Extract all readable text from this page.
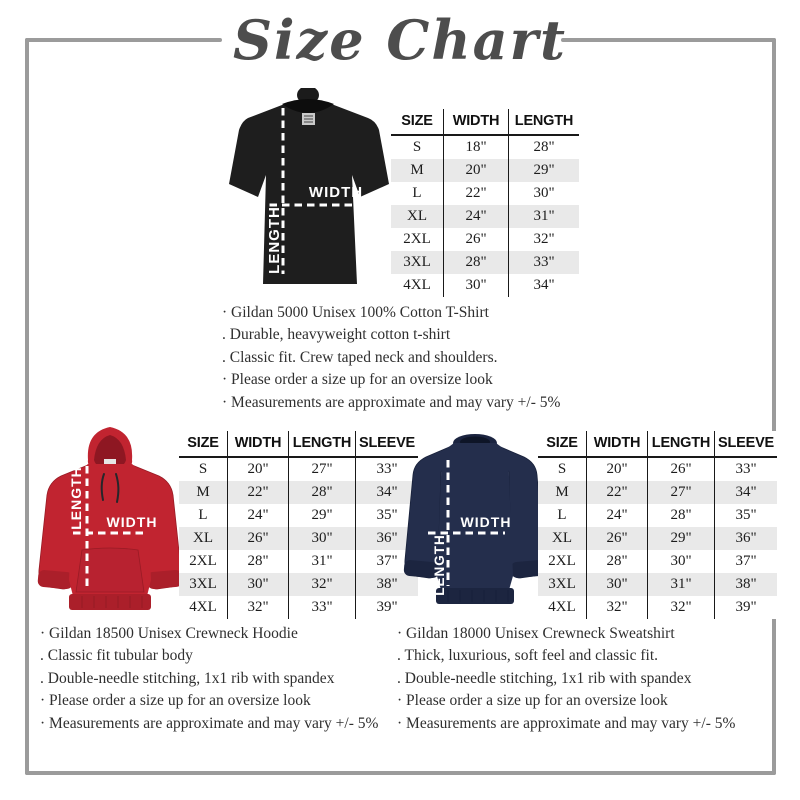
Size Chart
WIDTH
LENGTH
SIZE	WIDTH	LENGTH
S	18"	28"
M	20"	29"
L	22"	30"
XL	24"	31"
2XL	26"	32"
3XL	28"	33"
4XL	30"	34"
· Gildan 5000 Unisex 100% Cotton T-Shirt
. Durable, heavyweight cotton t-shirt
. Classic fit. Crew taped neck and shoulders.
· Please order a size up for an oversize look
· Measurements are approximate and may vary +/- 5%
WIDTH
LENGTH
SIZE	WIDTH	LENGTH	SLEEVE
S	20"	27"	33"
M	22"	28"	34"
L	24"	29"	35"
XL	26"	30"	36"
2XL	28"	31"	37"
3XL	30"	32"	38"
4XL	32"	33"	39"
WIDTH
LENGTH
SIZE	WIDTH	LENGTH	SLEEVE
S	20"	26"	33"
M	22"	27"	34"
L	24"	28"	35"
XL	26"	29"	36"
2XL	28"	30"	37"
3XL	30"	31"	38"
4XL	32"	32"	39"
· Gildan 18500 Unisex Crewneck Hoodie
. Classic fit tubular body
. Double-needle stitching, 1x1 rib with spandex
· Please order a size up for an oversize look
· Measurements are approximate and may vary +/- 5%
· Gildan 18000 Unisex Crewneck Sweatshirt
. Thick, luxurious, soft feel and classic fit.
. Double-needle stitching, 1x1 rib with spandex
· Please order a size up for an oversize look
· Measurements are approximate and may vary +/- 5%
